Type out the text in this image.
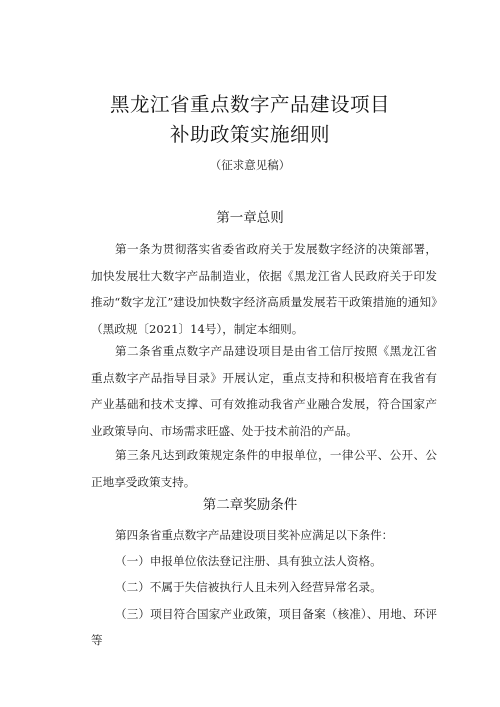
黑龙江省重点数字产品建设项目
补助政策实施细则
（征求意见稿）
第一章总则

第一条为贯彻落实省委省政府关于发展数字经济的决策部署，加快发展壮大数字产品制造业，依据《黑龙江省人民政府关于印发推动“数字龙江”建设加快数字经济高质量发展若干政策措施的通知》（黑政规〔2021〕14号），制定本细则。

第二条省重点数字产品建设项目是由省工信厅按照《黑龙江省重点数字产品指导目录》开展认定，重点支持和积极培育在我省有产业基础和技术支撑、可有效推动我省产业融合发展，符合国家产业政策导向、市场需求旺盛、处于技术前沿的产品。

第三条凡达到政策规定条件的申报单位，一律公平、公开、公正地享受政策支持。

第二章奖励条件

第四条省重点数字产品建设项目奖补应满足以下条件：

（一）申报单位依法登记注册、具有独立法人资格。

（二）不属于失信被执行人且未列入经营异常名录。

（三）项目符合国家产业政策，项目备案（核准）、用地、环评等
